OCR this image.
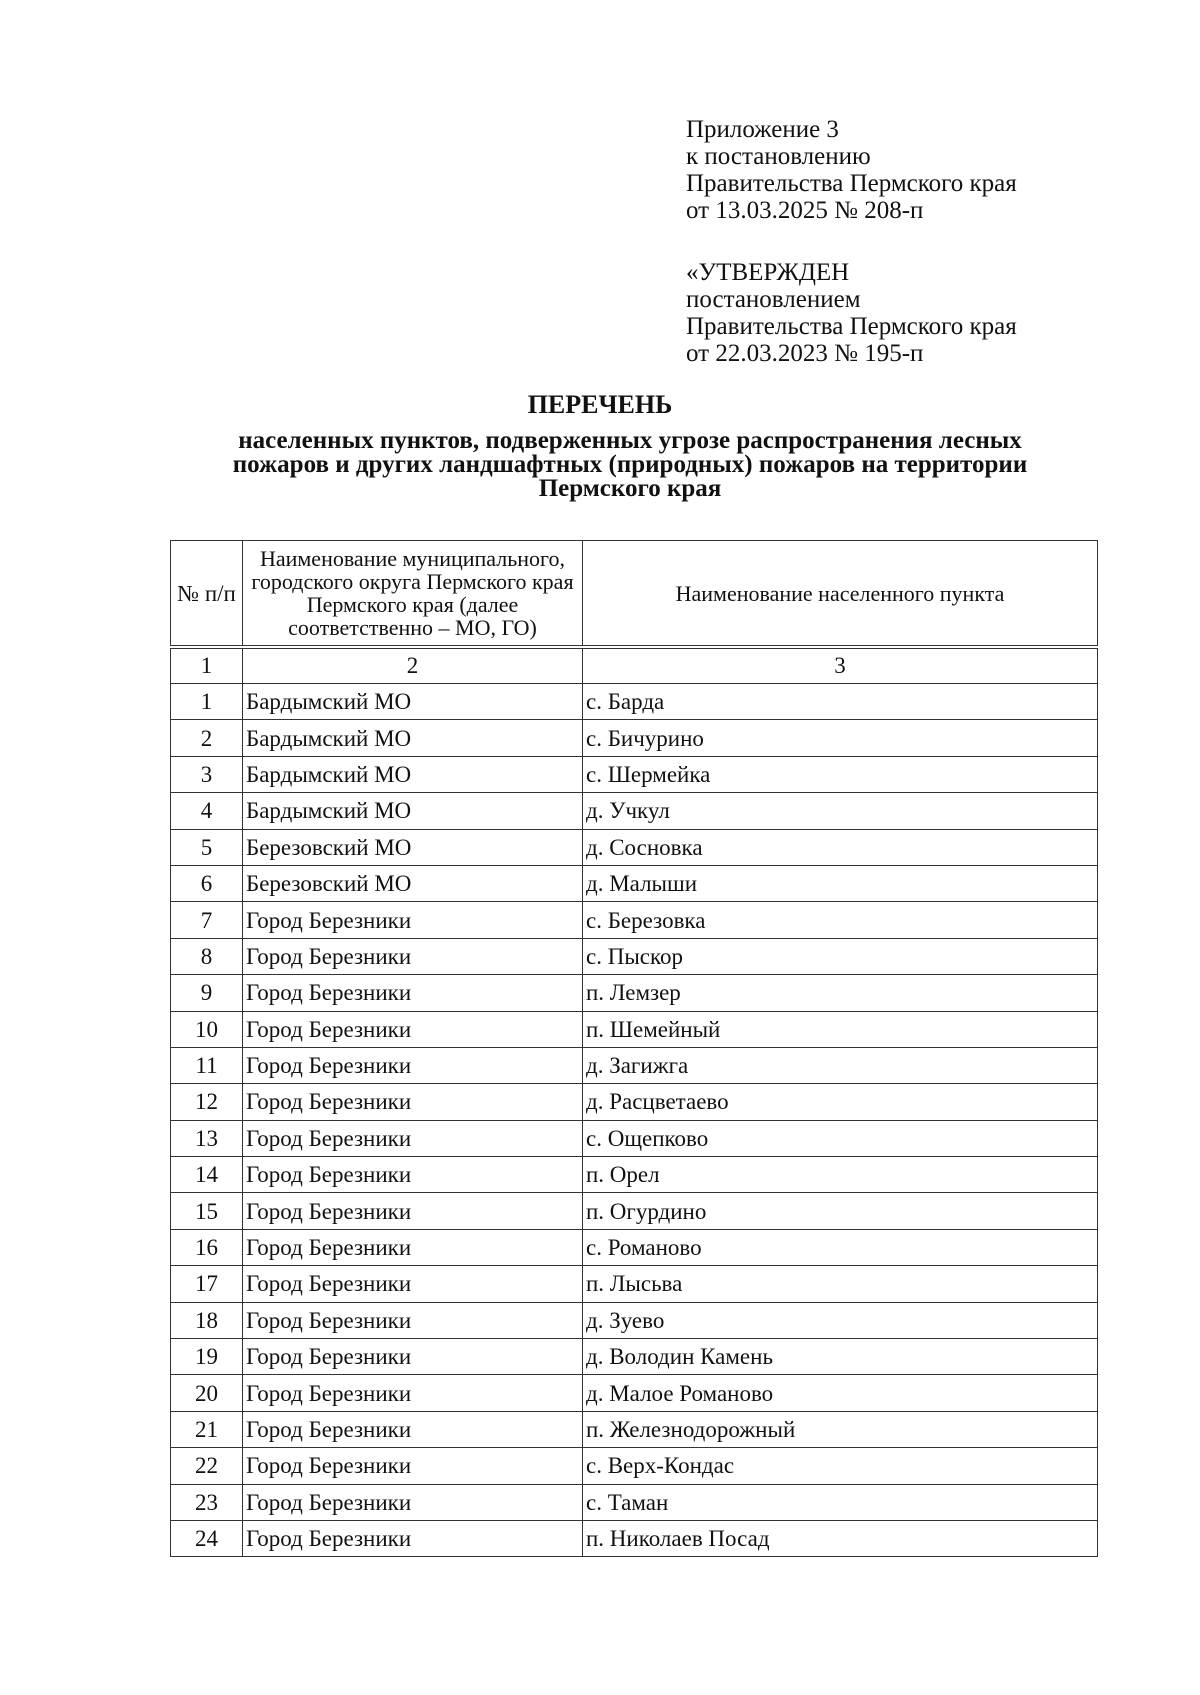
Приложение 3
к постановлению
Правительства Пермского края
от 13.03.2025 № 208-п
«УТВЕРЖДЕН
постановлением
Правительства Пермского края
от 22.03.2023 № 195-п
ПЕРЕЧЕНЬ
населенных пунктов, подверженных угрозе распространения лесных
пожаров и других ландшафтных (природных) пожаров на территории
Пермского края
№ п/п	Наименование муниципального, городского округа Пермского края Пермского края (далее соответственно – МО, ГО)	Наименование населенного пункта
1	2	3
1	Бардымский МО	с. Барда
2	Бардымский МО	с. Бичурино
3	Бардымский МО	с. Шермейка
4	Бардымский МО	д. Учкул
5	Березовский МО	д. Сосновка
6	Березовский МО	д. Малыши
7	Город Березники	с. Березовка
8	Город Березники	с. Пыскор
9	Город Березники	п. Лемзер
10	Город Березники	п. Шемейный
11	Город Березники	д. Загижга
12	Город Березники	д. Расцветаево
13	Город Березники	с. Ощепково
14	Город Березники	п. Орел
15	Город Березники	п. Огурдино
16	Город Березники	с. Романово
17	Город Березники	п. Лысьва
18	Город Березники	д. Зуево
19	Город Березники	д. Володин Камень
20	Город Березники	д. Малое Романово
21	Город Березники	п. Железнодорожный
22	Город Березники	с. Верх-Кондас
23	Город Березники	с. Таман
24	Город Березники	п. Николаев Посад
